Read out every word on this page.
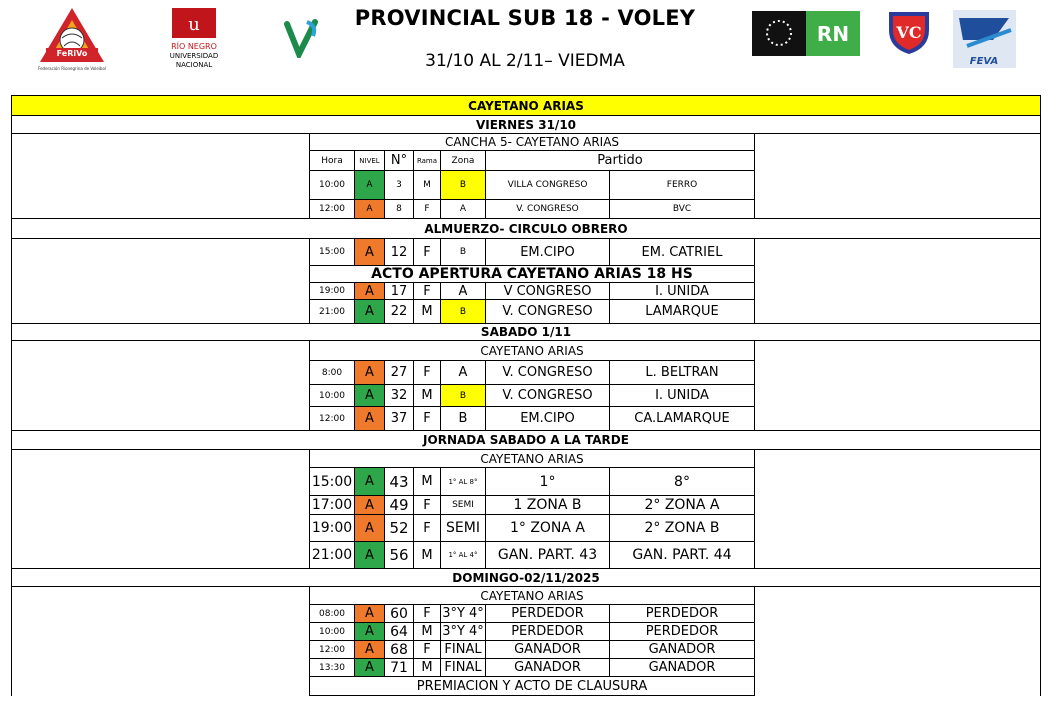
FeRiVo
Federación Rionegrina de Voleibol
u
RÍO NEGRO
UNIVERSIDAD
NACIONAL
PROVINCIAL SUB 18 - VOLEY
31/10 AL 2/11– VIEDMA
RN	VC
FEVA
CAYETANO ARIAS								
VIERNES 31/10								
	CANCHA 5- CAYETANO ARIAS							
	Hora	NIVEL	N°	Rama	Zona	Partido		
	10:00	A	3	M	B	VILLA CONGRESO	FERRO	
	12:00	A	8	F	A	V. CONGRESO	BVC	
ALMUERZO- CIRCULO OBRERO								
	15:00	A	12	F	B	EM.CIPO	EM. CATRIEL	
	ACTO APERTURA CAYETANO ARIAS 18 HS							
	19:00	A	17	F	A	V CONGRESO	I. UNIDA	
	21:00	A	22	M	B	V. CONGRESO	LAMARQUE	
SABADO 1/11								
	CAYETANO ARIAS							
	8:00	A	27	F	A	V. CONGRESO	L. BELTRAN	
	10:00	A	32	M	B	V. CONGRESO	I. UNIDA	
	12:00	A	37	F	B	EM.CIPO	CA.LAMARQUE	
JORNADA SABADO A LA TARDE								
	CAYETANO ARIAS							
	15:00	A	43	M	1° AL 8°	1°	8°	
	17:00	A	49	F	SEMI	1 ZONA B	2° ZONA A	
	19:00	A	52	F	SEMI	1° ZONA A	2° ZONA B	
	21:00	A	56	M	1° AL 4°	GAN. PART. 43	GAN. PART. 44	
DOMINGO-02/11/2025								
	CAYETANO ARIAS							
	08:00	A	60	F	3°Y 4°	PERDEDOR	PERDEDOR	
	10:00	A	64	M	3°Y 4°	PERDEDOR	PERDEDOR	
	12:00	A	68	F	FINAL	GANADOR	GANADOR	
	13:30	A	71	M	FINAL	GANADOR	GANADOR	
	PREMIACION Y ACTO DE CLAUSURA							
